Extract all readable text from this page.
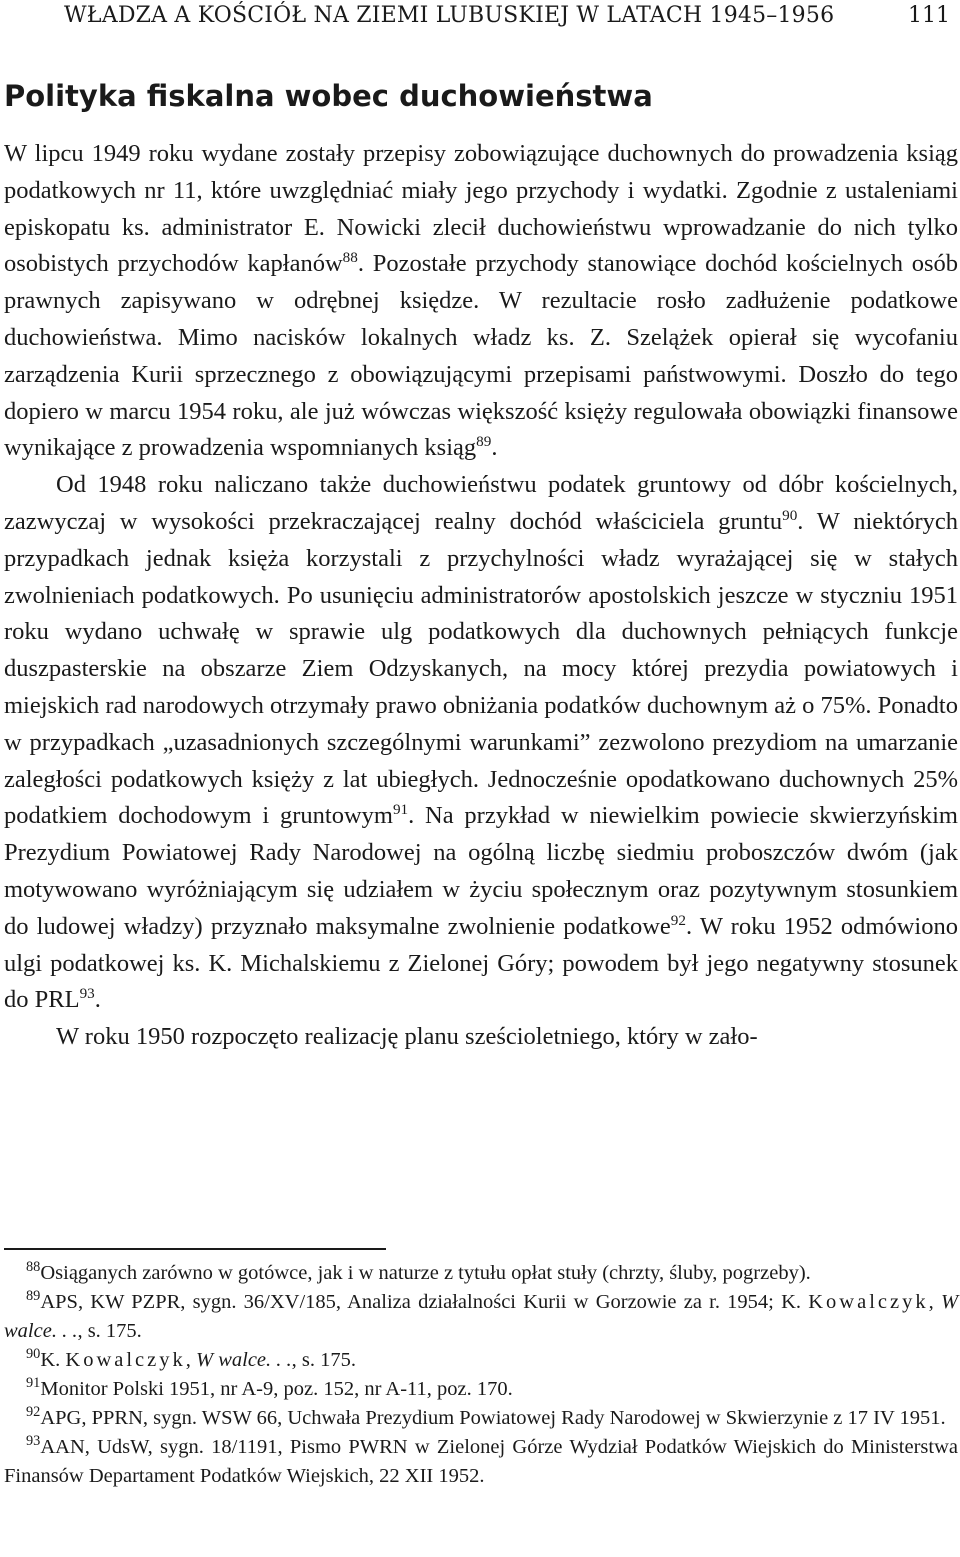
WŁADZA A KOŚCIÓŁ NA ZIEMI LUBUSKIEJ W LATACH 1945–1956	111
Polityka fiskalna wobec duchowieństwa

W lipcu 1949 roku wydane zostały przepisy zobowiązujące duchownych do prowadzenia ksiąg podatkowych nr 11, które uwzględniać miały jego przychody i wydatki. Zgodnie z ustaleniami episkopatu ks. administrator E. Nowicki zlecił duchowieństwu wprowadzanie do nich tylko osobistych przychodów kapłanów$^{88}$. Pozostałe przychody stanowiące dochód kościelnych osób prawnych zapisywano w odrębnej księdze. W rezultacie rosło zadłużenie podatkowe duchowieństwa. Mimo nacisków lokalnych władz ks. Z. Szelążek opierał się wycofaniu zarządzenia Kurii sprzecznego z obowiązującymi przepisami państwowymi. Doszło do tego dopiero w marcu 1954 roku, ale już wówczas większość księży regulowała obowiązki finansowe wynikające z prowadzenia wspomnianych ksiąg$^{89}$.

Od 1948 roku naliczano także duchowieństwu podatek gruntowy od dóbr kościelnych, zazwyczaj w wysokości przekraczającej realny dochód właściciela gruntu$^{90}$. W niektórych przypadkach jednak księża korzystali z przychylności władz wyrażającej się w stałych zwolnieniach podatkowych. Po usunięciu administratorów apostolskich jeszcze w styczniu 1951 roku wydano uchwałę w sprawie ulg podatkowych dla duchownych pełniących funkcje duszpasterskie na obszarze Ziem Odzyskanych, na mocy której prezydia powiatowych i miejskich rad narodowych otrzymały prawo obniżania podatków duchownym aż o 75%. Ponadto w przypadkach „uzasadnionych szczególnymi warunkami” zezwolono prezydiom na umarzanie zaległości podatkowych księży z lat ubiegłych. Jednocześnie opodatkowano duchownych 25% podatkiem dochodowym i gruntowym$^{91}$. Na przykład w niewielkim powiecie skwierzyńskim Prezydium Powiatowej Rady Narodowej na ogólną liczbę siedmiu proboszczów dwóm (jak motywowano wyróżniającym się udziałem w życiu społecznym oraz pozytywnym stosunkiem do ludowej władzy) przyznało maksymalne zwolnienie podatkowe$^{92}$. W roku 1952 odmówiono ulgi podatkowej ks. K. Michalskiemu z Zielonej Góry; powodem był jego negatywny stosunek do PRL$^{93}$.

W roku 1950 rozpoczęto realizację planu sześcioletniego, który w zało-

$^{88}$Osiąganych zarówno w gotówce, jak i w naturze z tytułu opłat stuły (chrzty, śluby, pogrzeby).

$^{89}$APS, KW PZPR, sygn. 36/XV/185, Analiza działalności Kurii w Gorzowie za r. 1954; K. Kowalczyk, W walce. . ., s. 175.

$^{90}$K. Kowalczyk, W walce. . ., s. 175.

$^{91}$Monitor Polski 1951, nr A-9, poz. 152, nr A-11, poz. 170.

$^{92}$APG, PPRN, sygn. WSW 66, Uchwała Prezydium Powiatowej Rady Narodowej w Skwierzynie z 17 IV 1951.

$^{93}$AAN, UdsW, sygn. 18/1191, Pismo PWRN w Zielonej Górze Wydział Podatków Wiejskich do Ministerstwa Finansów Departament Podatków Wiejskich, 22 XII 1952.
